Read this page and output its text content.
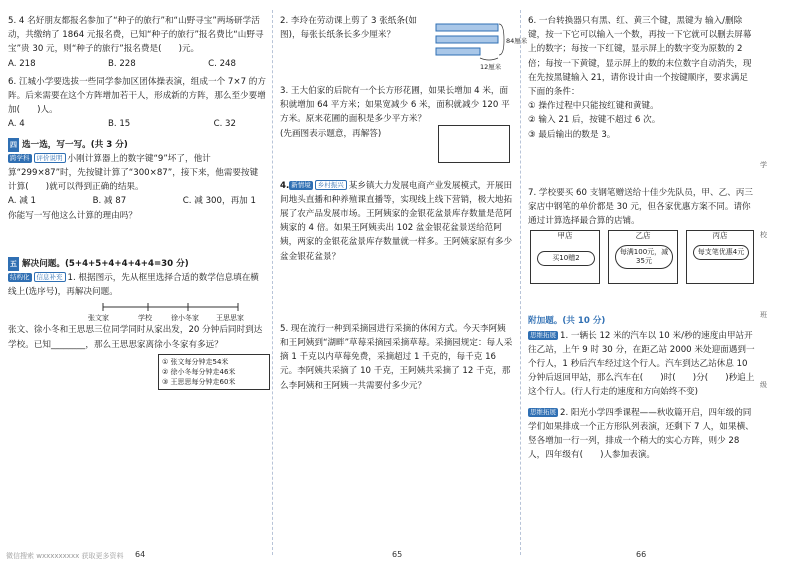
5. 4 名好朋友都报名参加了“种子的旅行”和“山野寻宝”两场研学活动，共缴纳了 1864 元报名费，已知“种子的旅行”报名费比“山野寻宝”贵 30 元，则“种子的旅行”报名费是(　　)元。

A. 218	B. 228	C. 248

6. 江城小学要选拔一些同学参加区团体操表演，组成一个 7×7 的方阵。后来需要在这个方阵增加若干人，形成新的方阵，那么至少要增加(　　)人。

A. 4	B. 15	C. 32
四 选一选，写一写。(共 3 分)

跨学科 评价说明 小刚计算器上的数字键“9”坏了，他计算“299×87”时，先按键计算了“300×87”，接下来，他需要按键计算(　　)就可以得到正确的结果。

A. 减 1	B. 减 87	C. 减 300，再加 1

你能写一写他这么计算的理由吗？

五 解决问题。(5+4+5+4+4+4+4=30 分)

结构化 信息补充 1. 根据图示，先从框里选择合适的数学信息填在横线上(选序号)，再解决问题。

张文家	学校	徐小冬家 王思思家

张文、徐小冬和王思思三位同学同时从家出发，20 分钟后同时到达学校。已知________，那么王思思家离徐小冬家有多远？

① 张文每分钟走54米
② 徐小冬每分钟走46米
③ 王思思每分钟走60米
64
微信搜索 wxxxxxxxxx 获取更多资料

2. 李玲在劳动课上剪了 3 张纸条(如图)，每张长纸条长多少厘米？

84厘米
12厘米

3. 王大伯家的后院有一个长方形花圃，如果长增加 4 米，面积就增加 64 平方米；如果宽减少 6 米，面积就减少 120 平方米。原来花圃的面积是多少平方米？

(先画图表示题意，再解答)

4. 新情境 乡村振兴 某乡镇大力发展电商产业发展模式，开展田间地头直播和种养殖课直播等，实现线上线下营销，极大地拓展了农产品发展市场。王阿姨家的金银花盆景库存数量是范阿姨家的 4 倍。如果王阿姨卖出 102 盆金银花盆景送给范阿姨，两家的金银花盆景库存数量就一样多。王阿姨家原有多少盆金银花盆景？

5. 现在流行一种到采摘园进行采摘的休闲方式。今天李阿姨和王阿姨到“湖畔”草莓采摘园采摘草莓。采摘园规定：每人采摘 1 千克以内草莓免费，采摘超过 1 千克的，每千克 16 元。李阿姨共采摘了 10 千克，王阿姨共采摘了 12 千克，那么李阿姨和王阿姨一共需要付多少元？

65

6. 一台转换器只有黑、红、黄三个键，黑键为 输入/删除 键，按一下它可以输入一个数，再按一下它就可以删去屏幕上的数字；每按一下红键，显示屏上的数字变为原数的 2 倍；每按一下黄键，显示屏上的数的末位数字自动消失，现在先按黑键输入 21，请你设计由一个按键顺序，要求满足下面的条件：

① 操作过程中只能按红键和黄键。

② 输入 21 后，按键不超过 6 次。

③ 最后输出的数是 3。

7. 学校要买 60 支钢笔赠送给十佳少先队员，甲、乙、丙三家店中钢笔的单价都是 30 元，但各家优惠方案不同。请你通过计算选择最合算的店铺。

甲店
买10赠2
乙店
每满100元，减35元
丙店
每支笔优惠4元
附加题。(共 10 分)

思维拓展 1. 一辆长 12 米的汽车以 10 米/秒的速度由甲站开往乙站，上午 9 时 30 分，在距乙站 2000 米处迎面遇到一个行人，1 秒后汽车经过这个行人。汽车到达乙站休息 10 分钟后返回甲站，那么汽车在(　　)时(　　)分(　　)秒追上这个行人。(行人行走的速度和方向始终不变)

思维拓展 2. 阳光小学四季课程——秋收篇开启，四年级的同学们如果排成一个正方形队列表演，还剩下 7 人，如果横、竖各增加一行一列，排成一个稍大的实心方阵，则少 28 人，四年级有(　　)人参加表演。

66
学
校
班
级
